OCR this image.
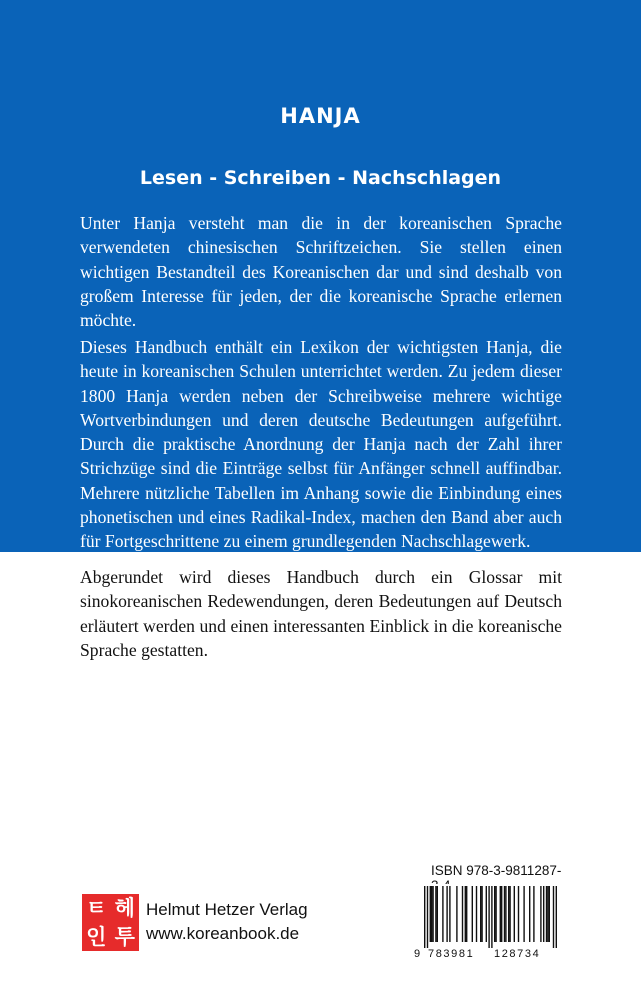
HANJA
Lesen - Schreiben - Nachschlagen

Unter Hanja versteht man die in der koreanischen Sprache verwendeten chinesischen Schriftzeichen. Sie stellen einen wichtigen Bestandteil des Koreanischen dar und sind deshalb von großem Interesse für jeden, der die koreanische Sprache erlernen möchte.

Dieses Handbuch enthält ein Lexikon der wichtigsten Hanja, die heute in koreanischen Schulen unterrichtet werden. Zu jedem dieser 1800 Hanja werden neben der Schreibweise mehrere wichtige Wortverbindungen und deren deutsche Bedeutungen aufgeführt. Durch die praktische Anordnung der Hanja nach der Zahl ihrer Strichzüge sind die Einträge selbst für Anfänger schnell auffindbar. Mehrere nützliche Tabellen im Anhang sowie die Einbindung eines phonetischen und eines Radikal-Index, machen den Band aber auch für Fortgeschrittene zu einem grundlegenden Nachschlagewerk.

Abgerundet wird dieses Handbuch durch ein Glossar mit sinokoreanischen Redewendungen, deren Bedeutungen auf Deutsch erläutert werden und einen interessanten Einblick in die koreanische Sprache gestatten.

ㅌ 헤
인 투
Helmut Hetzer Verlag
www.koreanbook.de
ISBN 978-3-9811287-
9 783981 128734
